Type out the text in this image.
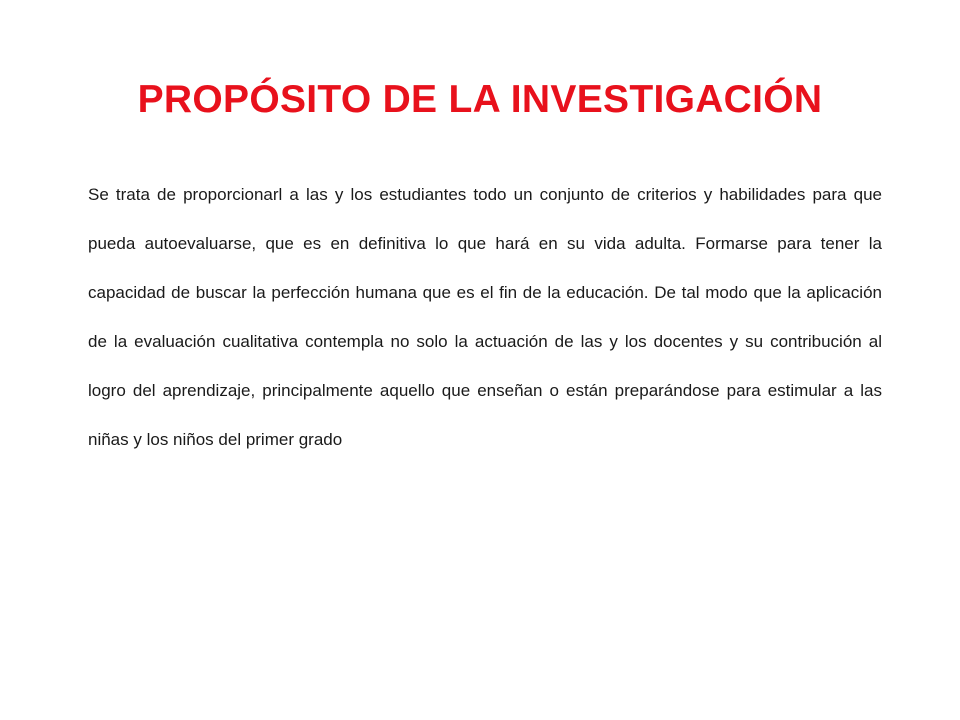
PROPÓSITO DE LA INVESTIGACIÓN

Se trata de proporcionarl a las y los estudiantes todo un conjunto de criterios y habilidades para que pueda autoevaluarse, que es en definitiva lo que hará en su vida adulta. Formarse para tener la capacidad de buscar la perfección humana que es el fin de la educación. De tal modo que la aplicación de la evaluación cualitativa contempla no solo la actuación de las y los docentes y su contribución al logro del aprendizaje, principalmente aquello que enseñan o están preparándose para estimular a las niñas y los niños del primer grado
